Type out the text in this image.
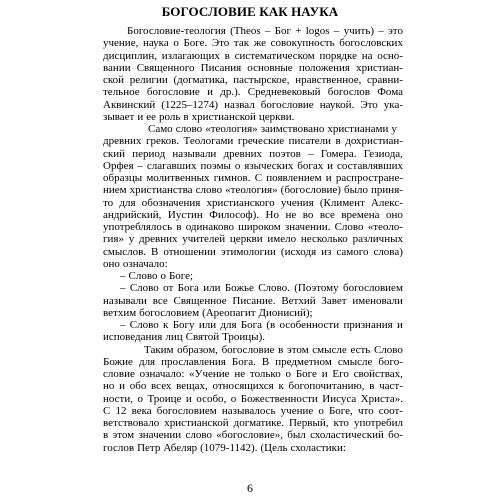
БОГОСЛОВИЕ КАК НАУКА
Богословие-теология (Theos – Бог + logos – учить) – это
учение, наука о Боге. Это так же совокупность богословских
дисциплин, излагающих в систематическом порядке на осно-
вании Священного Писания основные положения христиан-
ской религии (догматика, пастырское, нравственное, сравни-
тельное богословие и др.). Средневековый богослов Фома
Аквинский (1225–1274) назвал богословие наукой. Это ука-
зывает и ее роль в христианской церкви.
Само слово «теология» заимствовано христианами у
древних греков. Теологами греческие писатели в дохристиан-
ский период называли древних поэтов – Гомера. Гезиода,
Орфея – слагавших поэмы о языческих богах и составлявших
образцы молитвенных гимнов. С появлением и распростране-
нием христианства слово «теология» (богословие) было приня-
то для обозначения христианского учения (Климент Алекс-
андрийский, Иустин Философ). Но не во все времена оно
употреблялось в одинаково широком значении. Слово «теоло-
гия» у древних учителей церкви имело несколько различных
смыслов. В отношении этимологии (исходя из самого слова)
оно означало:
– Слово о Боге;
– Слово от Бога или Божье Слово. (Поэтому богословием
называли все Священное Писание. Ветхий Завет именовали
ветхим богословием (Ареопагит Дионисий);
– Слово к Богу или для Бога (в особенности признания и
исповедания лиц Святой Троицы).
Таким образом, богословие в этом смысле есть Слово
Божие для прославления Бога. В предметном смысле бого-
словие означало: «Учение не только о Боге и Его свойствах,
но и обо всех вещах, относящихся к богопочитанию, в част-
ности, о Троице и особо, о Божественности Иисуса Христа».
С 12 века богословием называлось учение о Боге, что соот-
ветствовало христианской догматике. Первый, кто употребил
в этом значении слово «богословие», был схоластический бо-
гослов Петр Абеляр (1079-1142). (Цель схоластики:
6
